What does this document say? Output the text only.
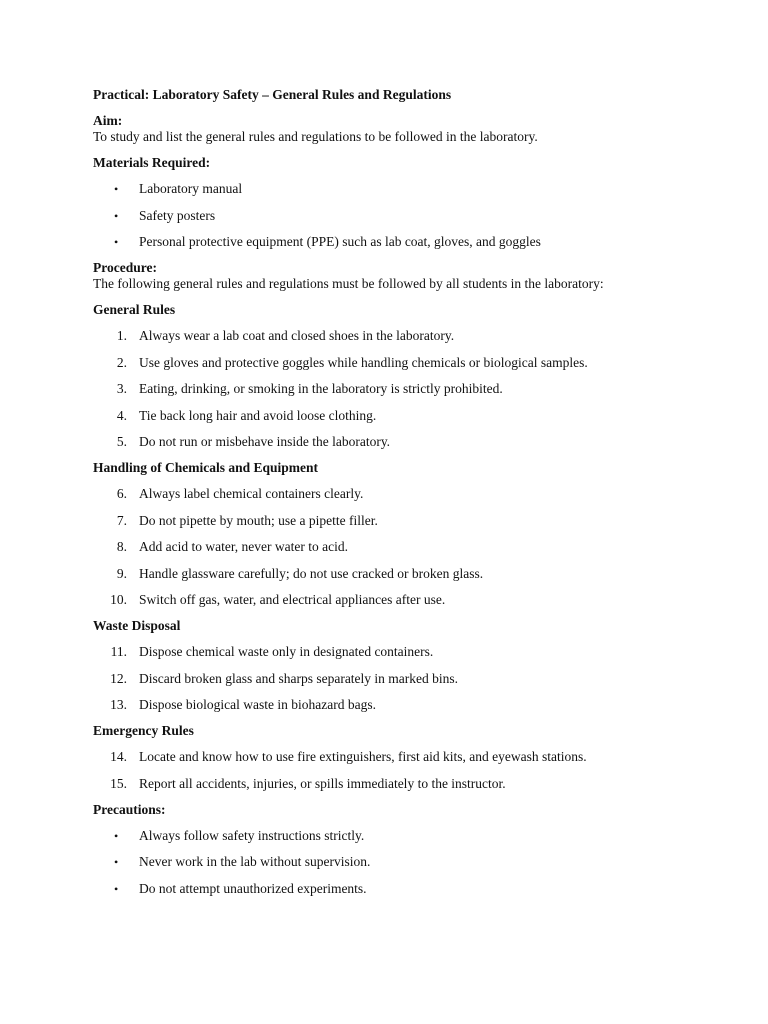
Practical: Laboratory Safety – General Rules and Regulations

Aim:

To study and list the general rules and regulations to be followed in the laboratory.

Materials Required:

• Laboratory manual
• Safety posters
• Personal protective equipment (PPE) such as lab coat, gloves, and goggles

Procedure:

The following general rules and regulations must be followed by all students in the laboratory:

General Rules

1. Always wear a lab coat and closed shoes in the laboratory.
2. Use gloves and protective goggles while handling chemicals or biological samples.
3. Eating, drinking, or smoking in the laboratory is strictly prohibited.
4. Tie back long hair and avoid loose clothing.
5. Do not run or misbehave inside the laboratory.

Handling of Chemicals and Equipment

6. Always label chemical containers clearly.
7. Do not pipette by mouth; use a pipette filler.
8. Add acid to water, never water to acid.
9. Handle glassware carefully; do not use cracked or broken glass.
10. Switch off gas, water, and electrical appliances after use.

Waste Disposal

11. Dispose chemical waste only in designated containers.
12. Discard broken glass and sharps separately in marked bins.
13. Dispose biological waste in biohazard bags.

Emergency Rules

14. Locate and know how to use fire extinguishers, first aid kits, and eyewash stations.
15. Report all accidents, injuries, or spills immediately to the instructor.

Precautions:

• Always follow safety instructions strictly.
• Never work in the lab without supervision.
• Do not attempt unauthorized experiments.
